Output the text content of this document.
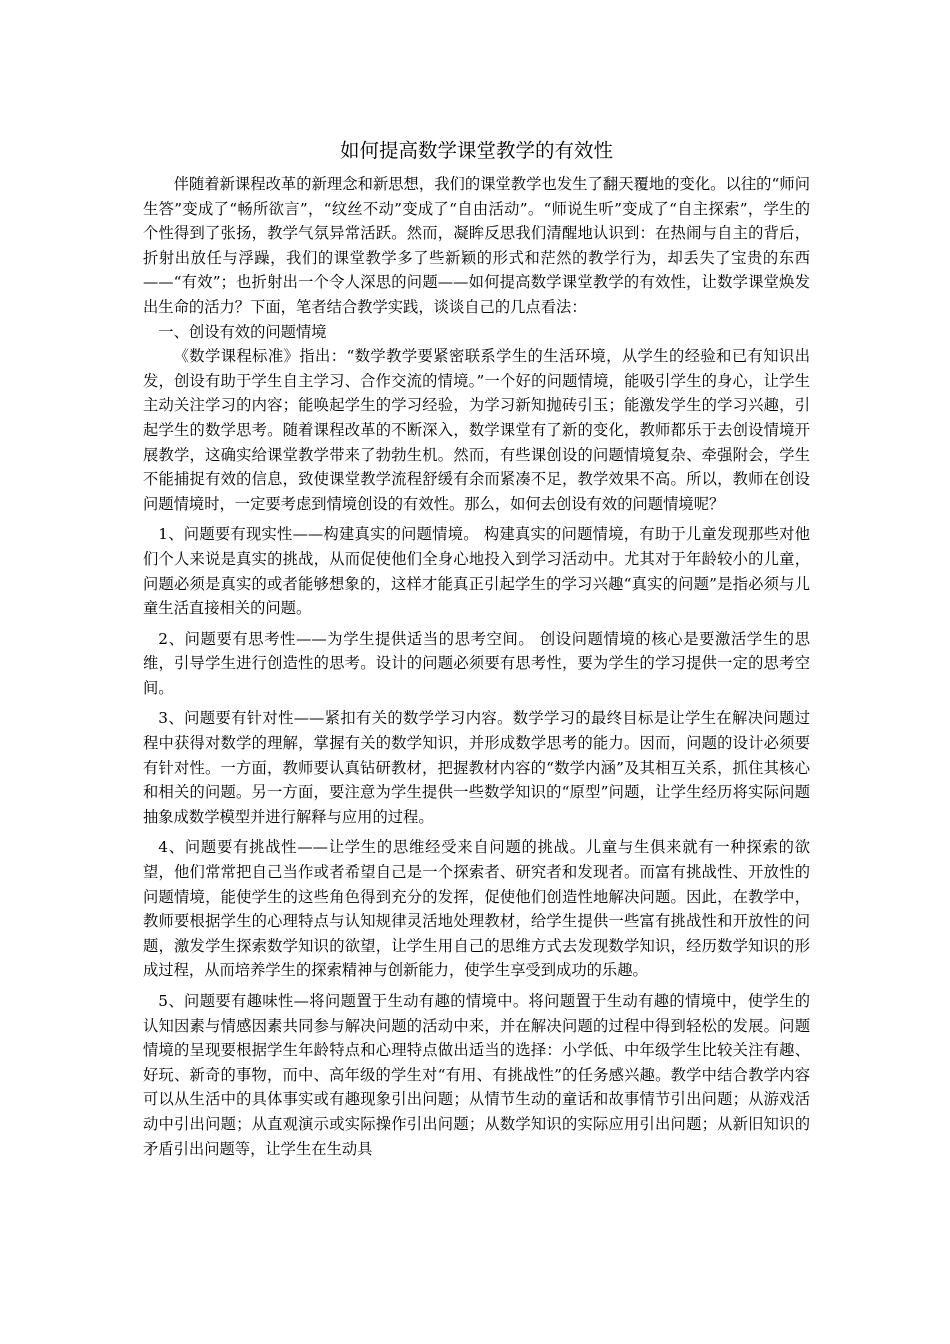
如何提高数学课堂教学的有效性

伴随着新课程改革的新理念和新思想，我们的课堂教学也发生了翻天覆地的变化。以往的“师问生答”变成了“畅所欲言”，“纹丝不动”变成了“自由活动”。“师说生听”变成了“自主探索”，学生的个性得到了张扬，教学气氛异常活跃。然而，凝眸反思我们清醒地认识到：在热闹与自主的背后，折射出放任与浮躁，我们的课堂教学多了些新颖的形式和茫然的教学行为，却丢失了宝贵的东西——“有效”；也折射出一个令人深思的问题——如何提高数学课堂教学的有效性，让数学课堂焕发出生命的活力？下面，笔者结合教学实践，谈谈自己的几点看法：

一、创设有效的问题情境

《数学课程标准》指出：“数学教学要紧密联系学生的生活环境，从学生的经验和已有知识出发，创设有助于学生自主学习、合作交流的情境。”一个好的问题情境，能吸引学生的身心，让学生主动关注学习的内容；能唤起学生的学习经验，为学习新知抛砖引玉；能激发学生的学习兴趣，引起学生的数学思考。随着课程改革的不断深入，数学课堂有了新的变化，教师都乐于去创设情境开展教学，这确实给课堂教学带来了勃勃生机。然而，有些课创设的问题情境复杂、牵强附会，学生不能捕捉有效的信息，致使课堂教学流程舒缓有余而紧凑不足，教学效果不高。所以，教师在创设问题情境时，一定要考虑到情境创设的有效性。那么，如何去创设有效的问题情境呢？

1、问题要有现实性——构建真实的问题情境。 构建真实的问题情境，有助于儿童发现那些对他们个人来说是真实的挑战，从而促使他们全身心地投入到学习活动中。尤其对于年龄较小的儿童，问题必须是真实的或者能够想象的，这样才能真正引起学生的学习兴趣“真实的问题”是指必须与儿童生活直接相关的问题。

2、问题要有思考性——为学生提供适当的思考空间。 创设问题情境的核心是要激活学生的思维，引导学生进行创造性的思考。设计的问题必须要有思考性，要为学生的学习提供一定的思考空间。

3、问题要有针对性——紧扣有关的数学学习内容。数学学习的最终目标是让学生在解决问题过程中获得对数学的理解，掌握有关的数学知识，并形成数学思考的能力。因而，问题的设计必须要有针对性。一方面，教师要认真钻研教材，把握教材内容的“数学内涵”及其相互关系，抓住其核心和相关的问题。另一方面，要注意为学生提供一些数学知识的“原型”问题，让学生经历将实际问题抽象成数学模型并进行解释与应用的过程。

4、问题要有挑战性——让学生的思维经受来自问题的挑战。儿童与生俱来就有一种探索的欲望，他们常常把自己当作或者希望自己是一个探索者、研究者和发现者。而富有挑战性、开放性的问题情境，能使学生的这些角色得到充分的发挥，促使他们创造性地解决问题。因此，在教学中，教师要根据学生的心理特点与认知规律灵活地处理教材，给学生提供一些富有挑战性和开放性的问题，激发学生探索数学知识的欲望，让学生用自己的思维方式去发现数学知识，经历数学知识的形成过程，从而培养学生的探索精神与创新能力，使学生享受到成功的乐趣。

5、问题要有趣味性—将问题置于生动有趣的情境中。将问题置于生动有趣的情境中，使学生的认知因素与情感因素共同参与解决问题的活动中来，并在解决问题的过程中得到轻松的发展。问题情境的呈现要根据学生年龄特点和心理特点做出适当的选择：小学低、中年级学生比较关注有趣、好玩、新奇的事物，而中、高年级的学生对“有用、有挑战性”的任务感兴趣。教学中结合教学内容可以从生活中的具体事实或有趣现象引出问题；从情节生动的童话和故事情节引出问题；从游戏活动中引出问题；从直观演示或实际操作引出问题；从数学知识的实际应用引出问题；从新旧知识的矛盾引出问题等，让学生在生动具
